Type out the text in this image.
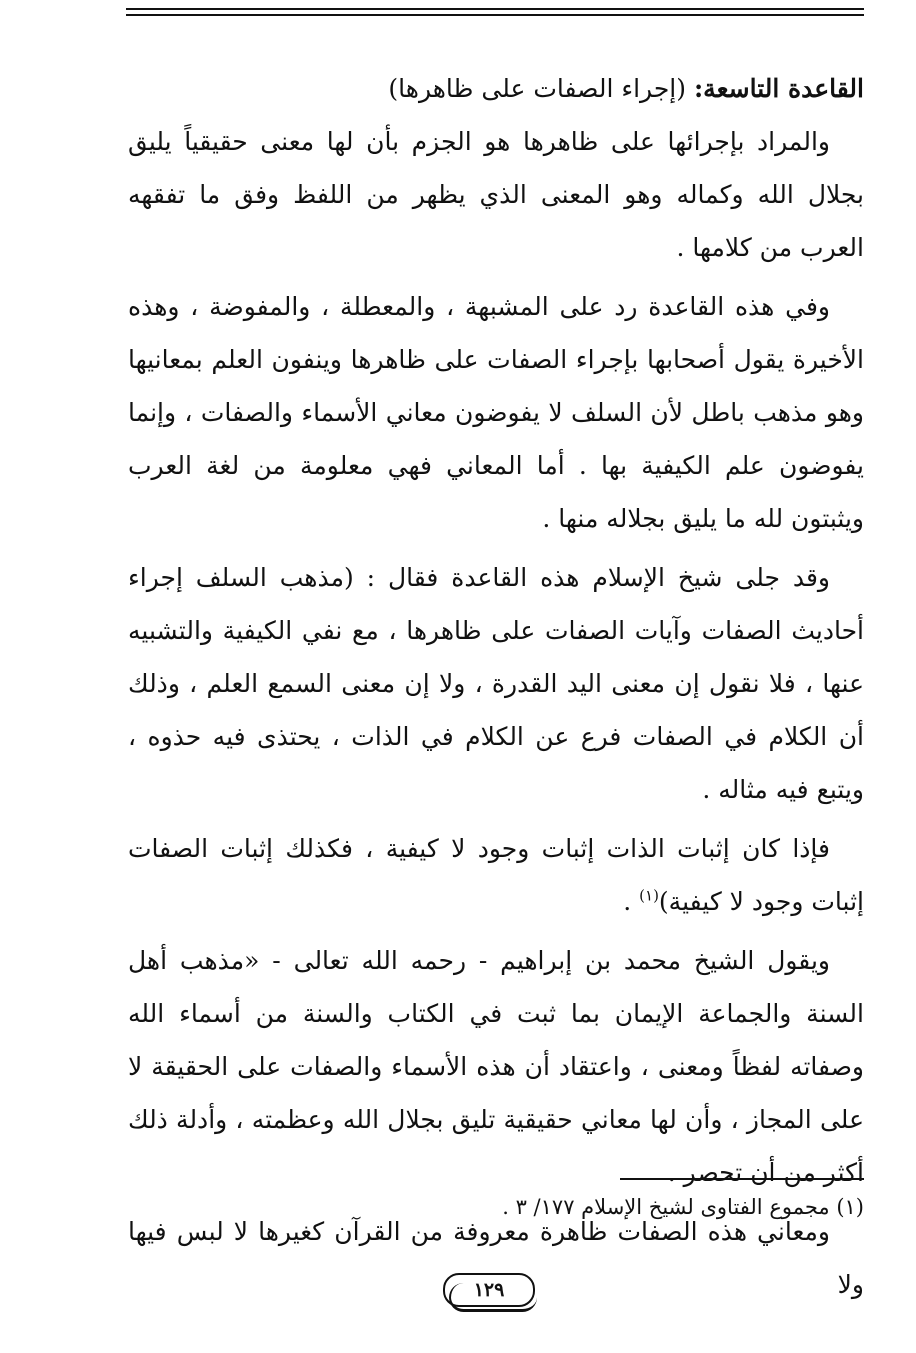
القاعدة التاسعة: (إجراء الصفات على ظاهرها)

والمراد بإجرائها على ظاهرها هو الجزم بأن لها معنى حقيقياً يليق بجلال الله وكماله وهو المعنى الذي يظهر من اللفظ وفق ما تفقهه العرب من كلامها .

وفي هذه القاعدة رد على المشبهة ، والمعطلة ، والمفوضة ، وهذه الأخيرة يقول أصحابها بإجراء الصفات على ظاهرها وينفون العلم بمعانيها وهو مذهب باطل لأن السلف لا يفوضون معاني الأسماء والصفات ، وإنما يفوضون علم الكيفية بها . أما المعاني فهي معلومة من لغة العرب ويثبتون لله ما يليق بجلاله منها .

وقد جلى شيخ الإسلام هذه القاعدة فقال : (مذهب السلف إجراء أحاديث الصفات وآيات الصفات على ظاهرها ، مع نفي الكيفية والتشبيه عنها ، فلا نقول إن معنى اليد القدرة ، ولا إن معنى السمع العلم ، وذلك أن الكلام في الصفات فرع عن الكلام في الذات ، يحتذى فيه حذوه ، ويتبع فيه مثاله .

فإذا كان إثبات الذات إثبات وجود لا كيفية ، فكذلك إثبات الصفات إثبات وجود لا كيفية)$^{(١)}$ .

ويقول الشيخ محمد بن إبراهيم - رحمه الله تعالى - «مذهب أهل السنة والجماعة الإيمان بما ثبت في الكتاب والسنة من أسماء الله وصفاته لفظاً ومعنى ، واعتقاد أن هذه الأسماء والصفات على الحقيقة لا على المجاز ، وأن لها معاني حقيقية تليق بجلال الله وعظمته ، وأدلة ذلك أكثر من أن تحصر .

ومعاني هذه الصفات ظاهرة معروفة من القرآن كغيرها لا لبس فيها ولا

(١) مجموع الفتاوى لشيخ الإسلام ١٧٧/ ٣ .
١٢٩
